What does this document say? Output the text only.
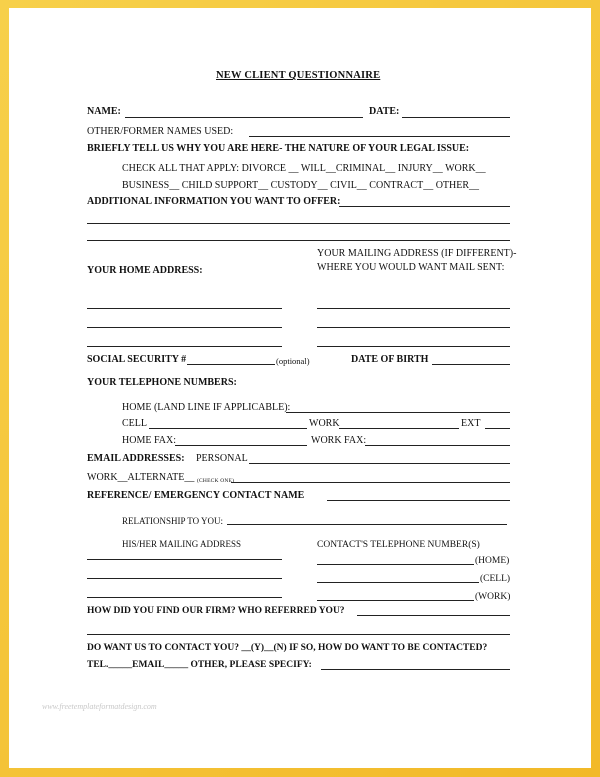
NEW CLIENT QUESTIONNAIRE
NAME:	DATE:
OTHER/FORMER NAMES USED:
BRIEFLY TELL US WHY YOU ARE HERE- THE NATURE OF YOUR LEGAL ISSUE:
CHECK ALL THAT APPLY: DIVORCE __ WILL__CRIMINAL__ INJURY__ WORK__
BUSINESS__ CHILD SUPPORT__ CUSTODY__ CIVIL__ CONTRACT__ OTHER__
ADDITIONAL INFORMATION YOU WANT TO OFFER:
YOUR MAILING ADDRESS (IF DIFFERENT)-
WHERE YOU WOULD WANT MAIL SENT:
YOUR HOME ADDRESS:
SOCIAL SECURITY #	(optional)	DATE OF BIRTH
YOUR TELEPHONE NUMBERS:
HOME (LAND LINE IF APPLICABLE):
CELL	WORK	EXT
HOME FAX:	WORK FAX:
EMAIL ADDRESSES: PERSONAL
WORK__ALTERNATE__ (CHECK ONE)
REFERENCE/ EMERGENCY CONTACT NAME
RELATIONSHIP TO YOU:
HIS/HER MAILING ADDRESS	CONTACT'S TELEPHONE NUMBER(S)
(HOME)
(CELL)
(WORK)
HOW DID YOU FIND OUR FIRM? WHO REFERRED YOU?
DO WANT US TO CONTACT YOU? __(Y)__(N) IF SO, HOW DO WANT TO BE CONTACTED?
TEL._____EMAIL_____ OTHER, PLEASE SPECIFY:
www.freetemplateformatdesign.com
